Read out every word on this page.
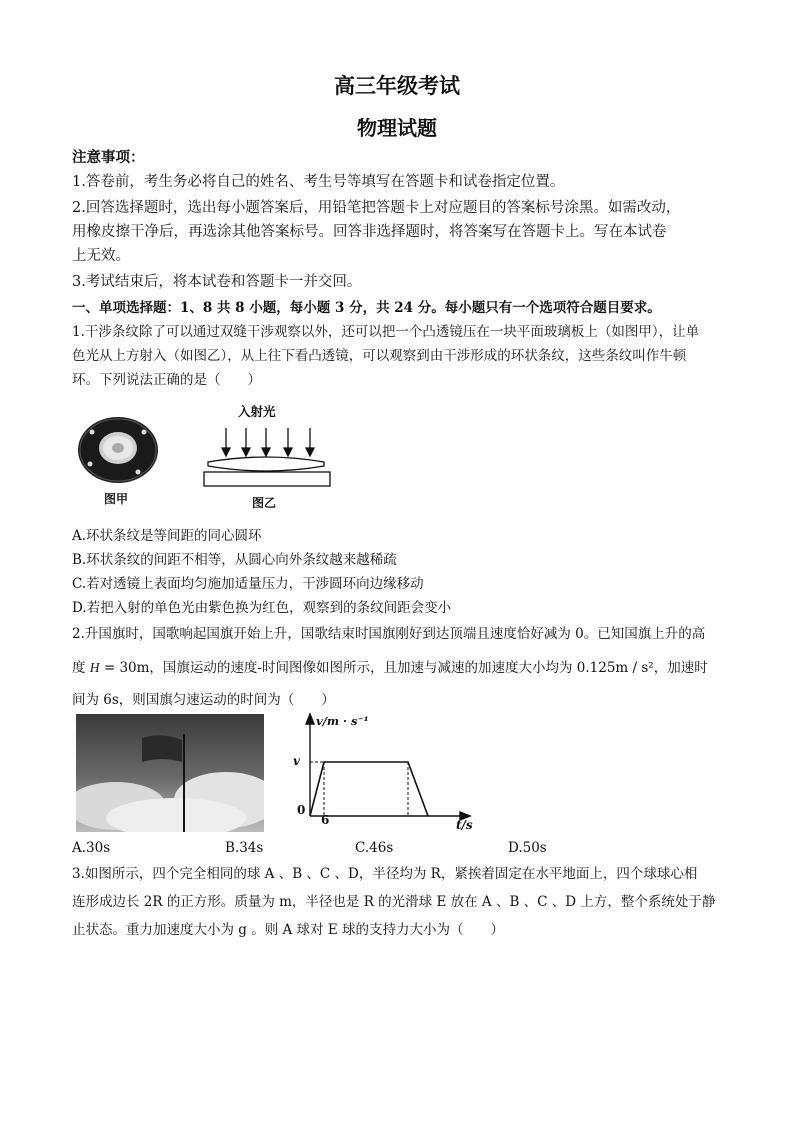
高三年级考试
物理试题
注意事项：
1.答卷前，考生务必将自己的姓名、考生号等填写在答题卡和试卷指定位置。
2.回答选择题时，选出每小题答案后，用铅笔把答题卡上对应题目的答案标号涂黑。如需改动，
用橡皮擦干净后，再选涂其他答案标号。回答非选择题时，将答案写在答题卡上。写在本试卷
上无效。
3.考试结束后，将本试卷和答题卡一并交回。
一、单项选择题：1、8 共 8 小题，每小题 3 分，共 24 分。每小题只有一个选项符合题目要求。
1.干涉条纹除了可以通过双缝干涉观察以外，还可以把一个凸透镜压在一块平面玻璃板上（如图甲），让单
色光从上方射入（如图乙），从上往下看凸透镜，可以观察到由干涉形成的环状条纹，这些条纹叫作牛顿
环。下列说法正确的是（　　）
图甲
入射光
图乙
A.环状条纹是等间距的同心圆环
B.环状条纹的间距不相等，从圆心向外条纹越来越稀疏
C.若对透镜上表面均匀施加适量压力，干涉圆环向边缘移动
D.若把入射的单色光由紫色换为红色，观察到的条纹间距会变小
2.升国旗时，国歌响起国旗开始上升，国歌结束时国旗刚好到达顶端且速度恰好减为 0。已知国旗上升的高
度 H = 30m，国旗运动的速度-时间图像如图所示，且加速与减速的加速度大小均为 0.125m / s²，加速时
间为 6s，则国旗匀速运动的时间为（　　）
v/m · s⁻¹
v
0
6	t/s
A.30s	B.34s	C.46s	D.50s
3.如图所示，四个完全相同的球 A 、B 、C 、D，半径均为 R，紧挨着固定在水平地面上，四个球球心相
连形成边长 2R 的正方形。质量为 m，半径也是 R 的光滑球 E 放在 A 、B 、C 、D 上方，整个系统处于静
止状态。重力加速度大小为 g 。则 A 球对 E 球的支持力大小为（　　）
